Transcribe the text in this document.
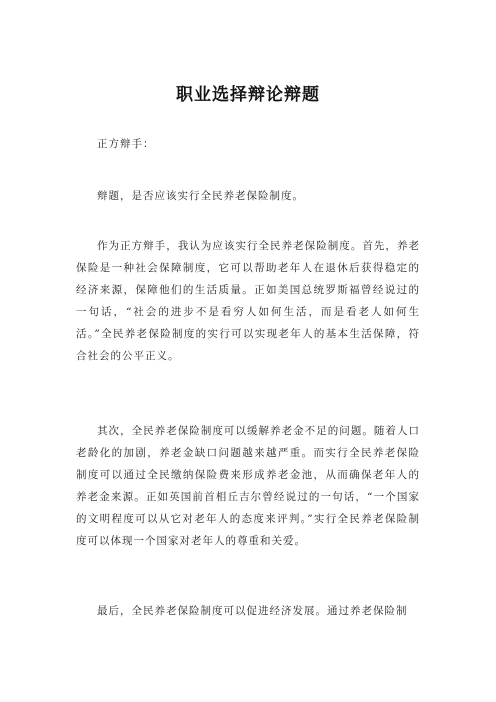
职业选择辩论辩题

正方辩手：

辩题，是否应该实行全民养老保险制度。

作为正方辩手，我认为应该实行全民养老保险制度。首先，养老保险是一种社会保障制度，它可以帮助老年人在退休后获得稳定的经济来源，保障他们的生活质量。正如美国总统罗斯福曾经说过的一句话，“社会的进步不是看穷人如何生活，而是看老人如何生活。”全民养老保险制度的实行可以实现老年人的基本生活保障，符合社会的公平正义。

其次，全民养老保险制度可以缓解养老金不足的问题。随着人口老龄化的加剧，养老金缺口问题越来越严重。而实行全民养老保险制度可以通过全民缴纳保险费来形成养老金池，从而确保老年人的养老金来源。正如英国前首相丘吉尔曾经说过的一句话，“一个国家的文明程度可以从它对老年人的态度来评判。”实行全民养老保险制度可以体现一个国家对老年人的尊重和关爱。

最后，全民养老保险制度可以促进经济发展。通过养老保险制
